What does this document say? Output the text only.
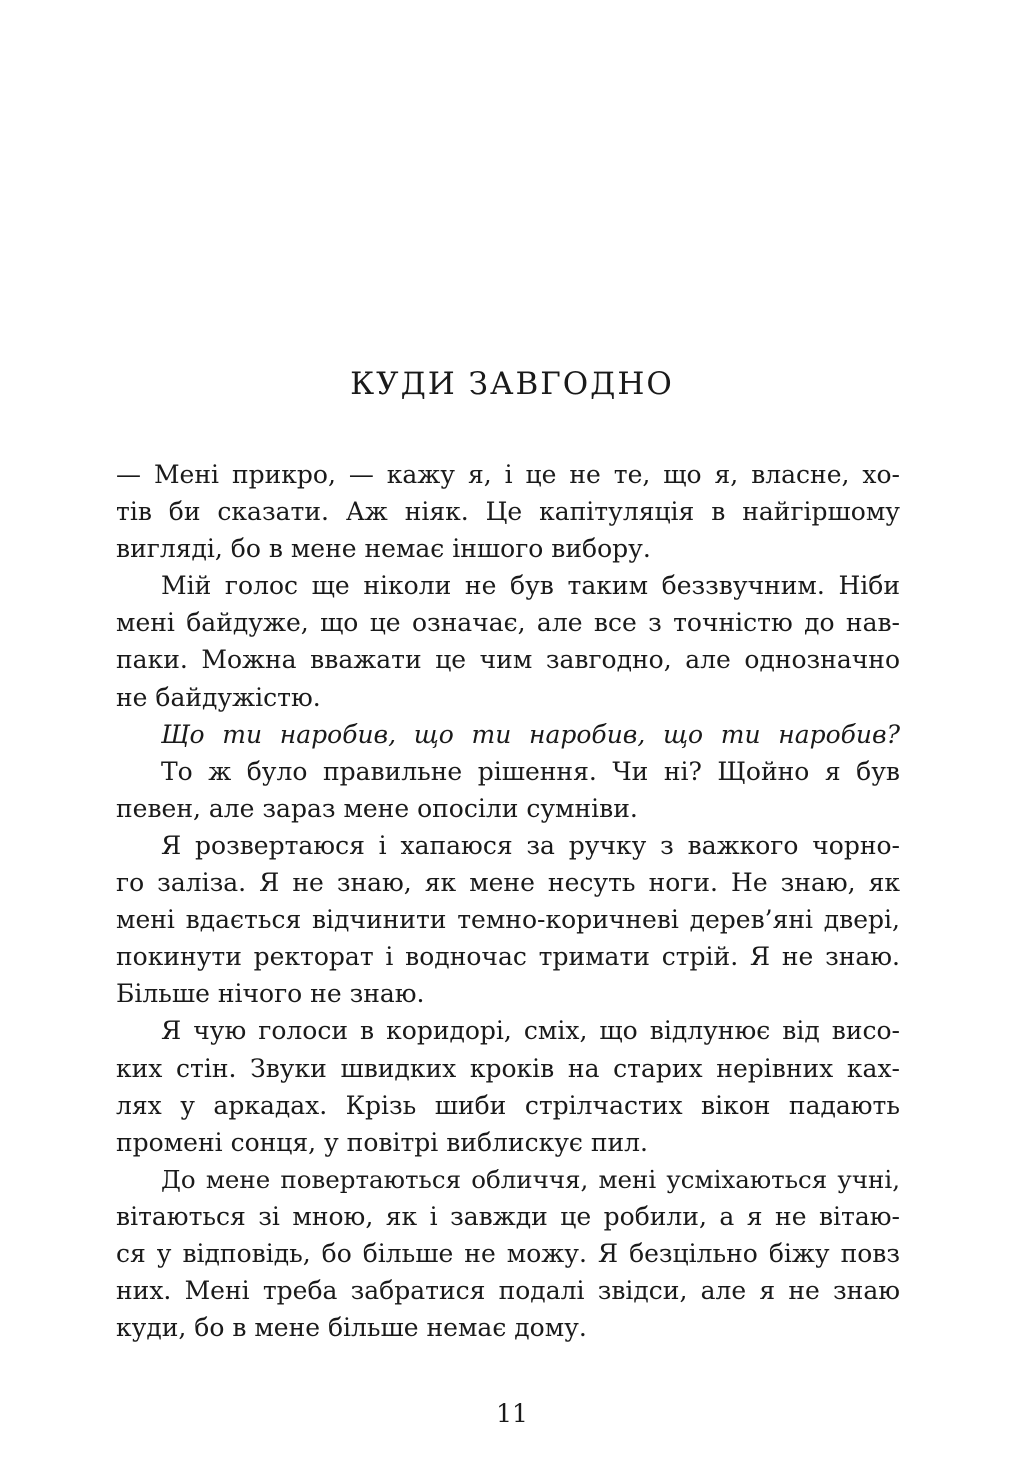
КУДИ ЗАВГОДНО
— Мені прикро, — кажу я, і це не те, що я, власне, хо-
тів би сказати. Аж ніяк. Це капітуляція в найгіршому
вигляді, бо в мене немає іншого вибору.
Мій голос ще ніколи не був таким беззвучним. Ніби
мені байдуже, що це означає, але все з точністю до нав-
паки. Можна вважати це чим завгодно, але однозначно
не байдужістю.
Що ти наробив, що ти наробив, що ти наробив?
То ж було правильне рішення. Чи ні? Щойно я був
певен, але зараз мене опосіли сумніви.
Я розвертаюся і хапаюся за ручку з важкого чорно-
го заліза. Я не знаю, як мене несуть ноги. Не знаю, як
мені вдається відчинити темно-коричневі дерев’яні двері,
покинути ректорат і водночас тримати стрій. Я не знаю.
Більше нічого не знаю.
Я чую голоси в коридорі, сміх, що відлунює від висо-
ких стін. Звуки швидких кроків на старих нерівних ках-
лях у аркадах. Крізь шиби стрілчастих вікон падають
промені сонця, у повітрі виблискує пил.
До мене повертаються обличчя, мені усміхаються учні,
вітаються зі мною, як і завжди це робили, а я не вітаю-
ся у відповідь, бо більше не можу. Я безцільно біжу повз
них. Мені треба забратися подалі звідси, але я не знаю
куди, бо в мене більше немає дому.
11
